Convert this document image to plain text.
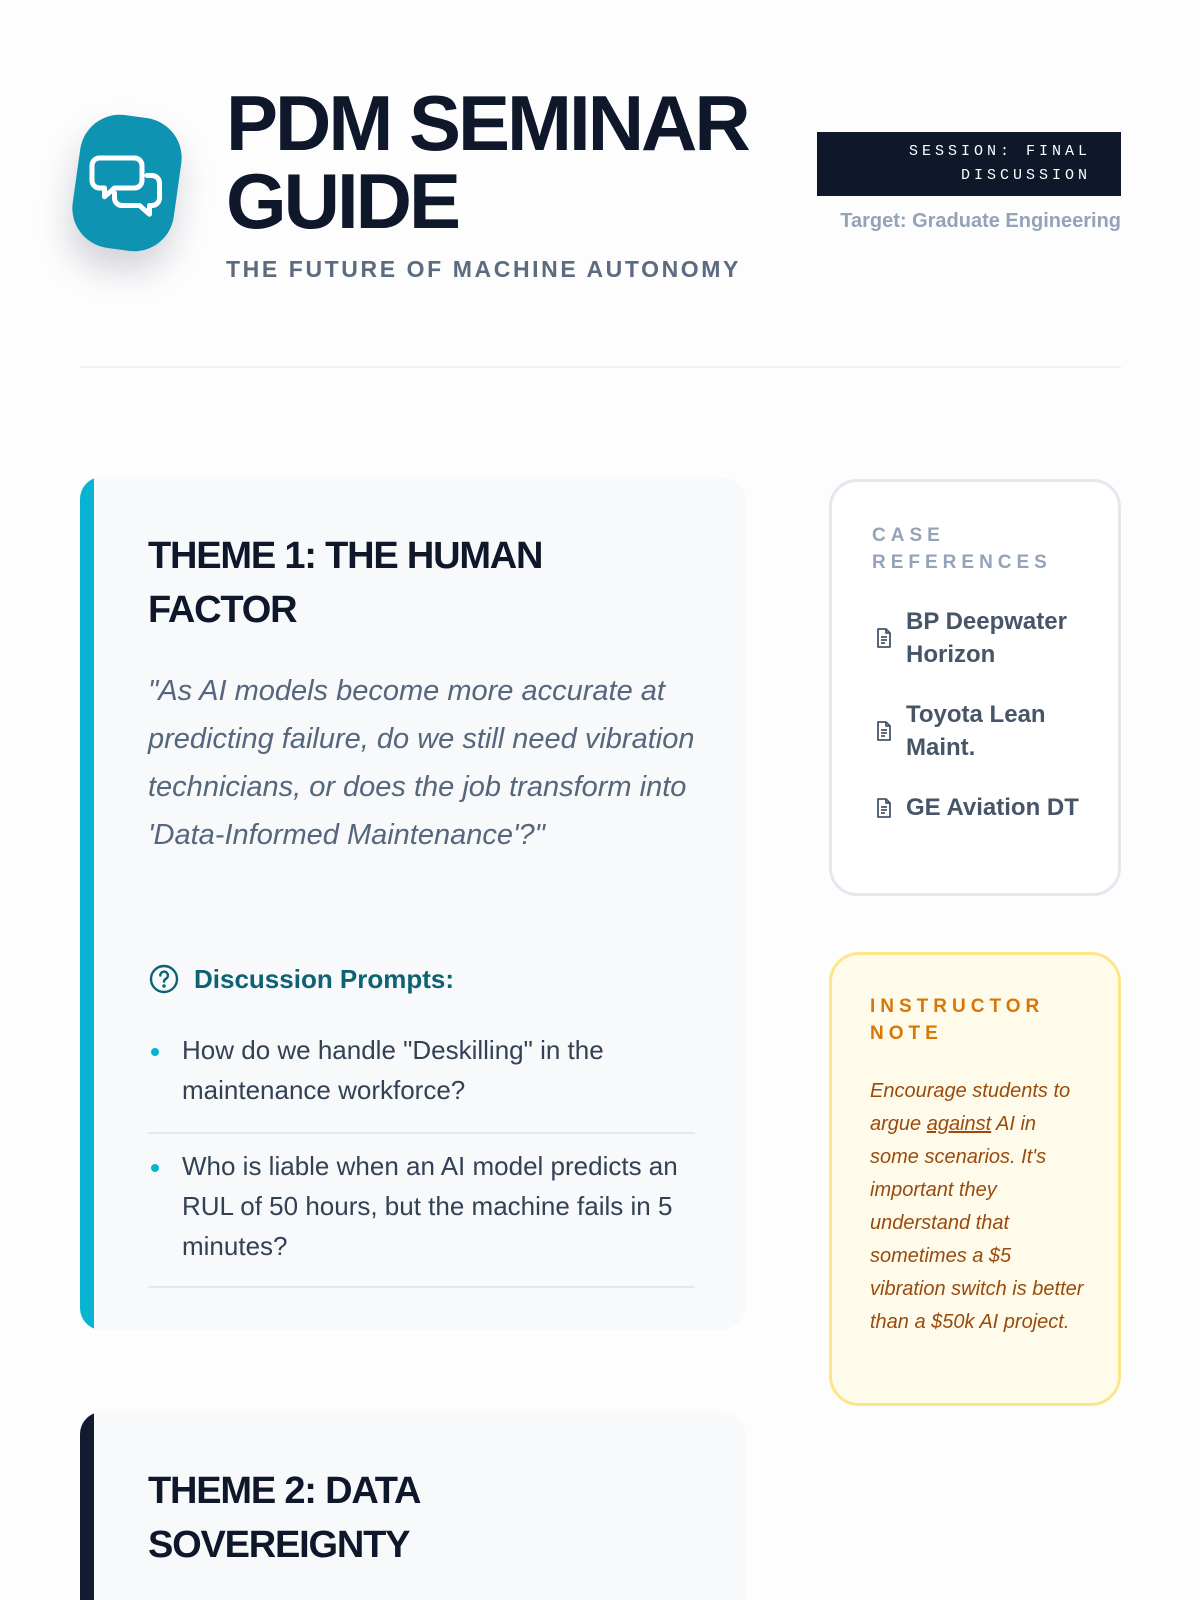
PDM SEMINAR GUIDE
THE FUTURE OF MACHINE AUTONOMY
SESSION: FINAL DISCUSSION
Target: Graduate Engineering
THEME 1: THE HUMAN FACTOR

"As AI models become more accurate at predicting failure, do we still need vibration technicians, or does the job transform into 'Data-Informed Maintenance'?"

Discussion Prompts:
How do we handle "Deskilling" in the maintenance workforce?
Who is liable when an AI model predicts an RUL of 50 hours, but the machine fails in 5 minutes?
THEME 2: DATA SOVEREIGNTY
CASE REFERENCES
BP Deepwater Horizon
Toyota Lean Maint.
GE Aviation DT
INSTRUCTOR NOTE

Encourage students to argue against AI in some scenarios. It's important they understand that sometimes a $5 vibration switch is better than a $50k AI project.
